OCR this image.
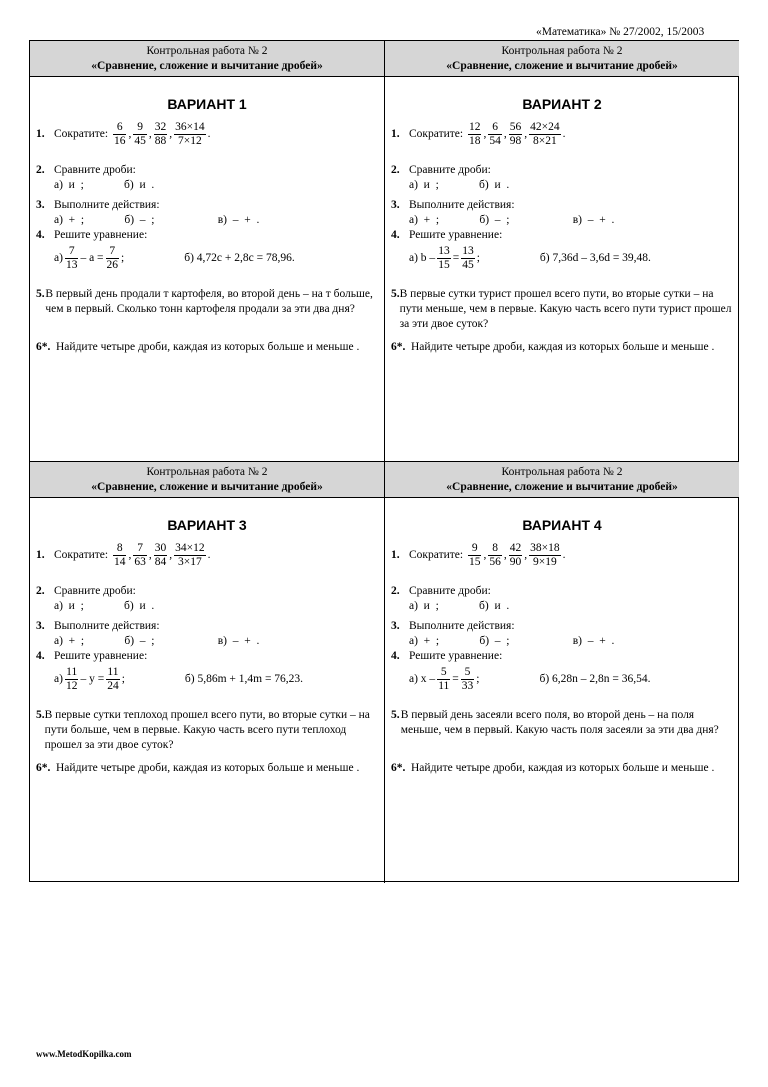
«Математика» № 27/2002, 15/2003
Контрольная работа № 2
«Сравнение, сложение и вычитание дробей»
ВАРИАНТ 1
1. Сократите:
$\frac{6}{16}$ , $\frac{9}{45}$ , $\frac{32}{88}$ , $\frac{36\times 14}{7\times 12}$ .
2. Сравните дроби:
а)  и  ;              б)  и  .
3. Выполните действия:
а)  +  ;              б)  –  ;                      в)  –  +  .
4. Решите уравнение:
$а) \frac{7}{13} - a = \frac{7}{26}$ ;	б) 4,72c + 2,8c = 78,96.
5. В первый день продали т картофеля, во второй день – на т больше, чем в первый. Сколько тонн картофеля продали за эти два дня?
6*. Найдите четыре дроби, каждая из которых больше и меньше .
Контрольная работа № 2
«Сравнение, сложение и вычитание дробей»
ВАРИАНТ 2
1. Сократите:
$\frac{12}{18}$ , $\frac{6}{54}$ , $\frac{56}{98}$ , $\frac{42\times 24}{8\times 21}$ .
2. Сравните дроби:
а)  и  ;              б)  и  .
3. Выполните действия:
а)  +  ;              б)  –  ;                      в)  –  +  .
4. Решите уравнение:
а) $b - \frac{13}{15} = \frac{13}{45}$ ;	б) 7,36d – 3,6d = 39,48.
5. В первые сутки турист прошел всего пути, во вторые сутки – на пути меньше, чем в первые. Какую часть всего пути турист прошел за эти двое суток?
6*. Найдите четыре дроби, каждая из которых больше и меньше .
Контрольная работа № 2
«Сравнение, сложение и вычитание дробей»
ВАРИАНТ 3
1. Сократите:
$\frac{8}{14}$ , $\frac{7}{63}$ , $\frac{30}{84}$ , $\frac{34\times 12}{3\times 17}$ .
2. Сравните дроби:
а)  и  ;              б)  и  .
3. Выполните действия:
а)  +  ;              б)  –  ;                      в)  –  +  .
4. Решите уравнение:
$а) \frac{11}{12} - y = \frac{11}{24}$ ;	б) 5,86m + 1,4m = 76,23.
5. В первые сутки теплоход прошел всего пути, во вторые сутки – на пути больше, чем в первые. Какую часть всего пути теплоход прошел за эти двое суток?
6*. Найдите четыре дроби, каждая из которых больше и меньше .
Контрольная работа № 2
«Сравнение, сложение и вычитание дробей»
ВАРИАНТ 4
1. Сократите:
$\frac{9}{15}$ , $\frac{8}{56}$ , $\frac{42}{90}$ , $\frac{38\times 18}{9\times 19}$ .
2. Сравните дроби:
а)  и  ;              б)  и  .
3. Выполните действия:
а)  +  ;              б)  –  ;                      в)  –  +  .
4. Решите уравнение:
а) $x - \frac{5}{11} = \frac{5}{33}$ ;	б) 6,28n – 2,8n = 36,54.
5. В первый день засеяли всего поля, во второй день – на поля меньше, чем в первый. Какую часть поля засеяли за эти два дня?
6*. Найдите четыре дроби, каждая из которых больше и меньше .
www.MetodKopilka.com
